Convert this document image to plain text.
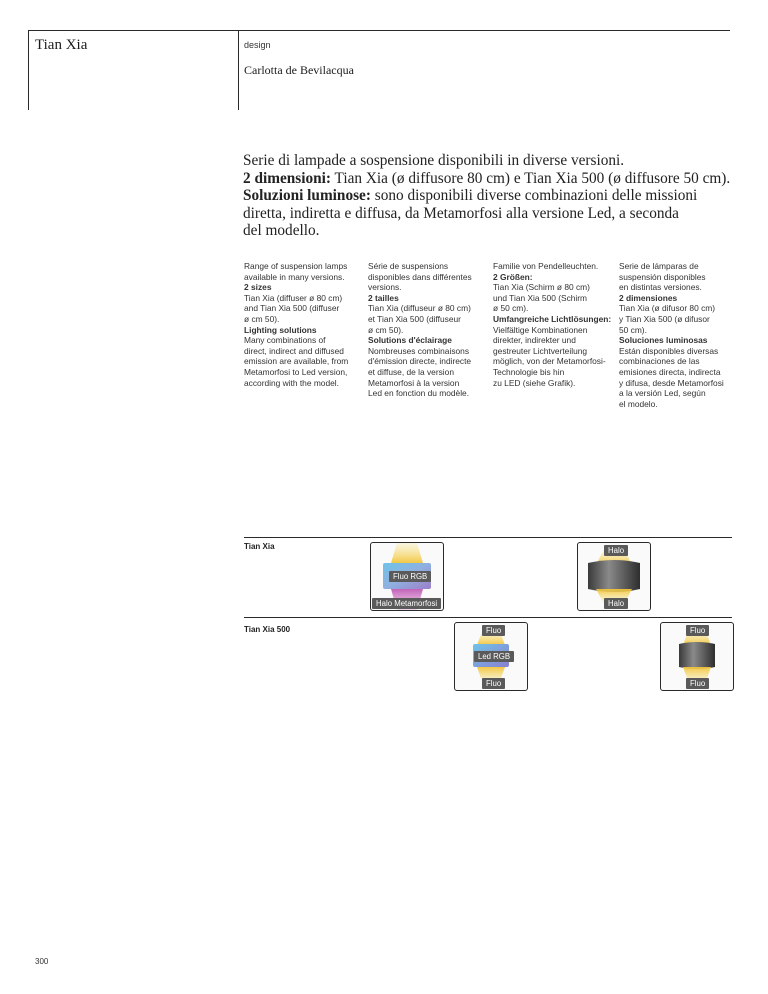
Tian Xia	design
Carlotta de Bevilacqua
Serie di lampade a sospensione disponibili in diverse versioni.
2 dimensioni: Tian Xia (ø diffusore 80 cm) e Tian Xia 500 (ø diffusore 50 cm).
Soluzioni luminose: sono disponibili diverse combinazioni delle missioni
diretta, indiretta e diffusa, da Metamorfosi alla versione Led, a seconda
del modello.
Range of suspension lamps
available in many versions.
2 sizes
Tian Xia (diffuser ø 80 cm)
and Tian Xia 500 (diffuser
ø cm 50).
Lighting solutions
Many combinations of
direct, indirect and diffused
emission are available, from
Metamorfosi to Led version,
according with the model.
Série de suspensions
disponibles dans différentes
versions.
2 tailles
Tian Xia (diffuseur ø 80 cm)
et Tian Xia 500 (diffuseur
ø cm 50).
Solutions d'éclairage
Nombreuses combinaisons
d'émission directe, indirecte
et diffuse, de la version
Metamorfosi à la version
Led en fonction du modèle.
Familie von Pendelleuchten.
2 Größen:
Tian Xia (Schirm ø 80 cm)
und Tian Xia 500 (Schirm
ø 50 cm).
Umfangreiche Lichtlösungen:
Vielfältige Kombinationen
direkter, indirekter und
gestreuter Lichtverteilung
möglich, von der Metamorfosi-
Technologie bis hin
zu LED (siehe Grafik).
Serie de lámparas de
suspensión disponibles
en distintas versiones.
2 dimensiones
Tian Xia (ø difusor 80 cm)
y Tian Xia 500 (ø difusor
50 cm).
Soluciones luminosas
Están disponibles diversas
combinaciones de las
emisiones directa, indirecta
y difusa, desde Metamorfosi
a la versión Led, según
el modelo.
Tian Xia
Fluo RGB
Halo Metamorfosi
Halo
Halo
Tian Xia 500	Fluo
Led RGB
Fluo
Fluo
Fluo
300
